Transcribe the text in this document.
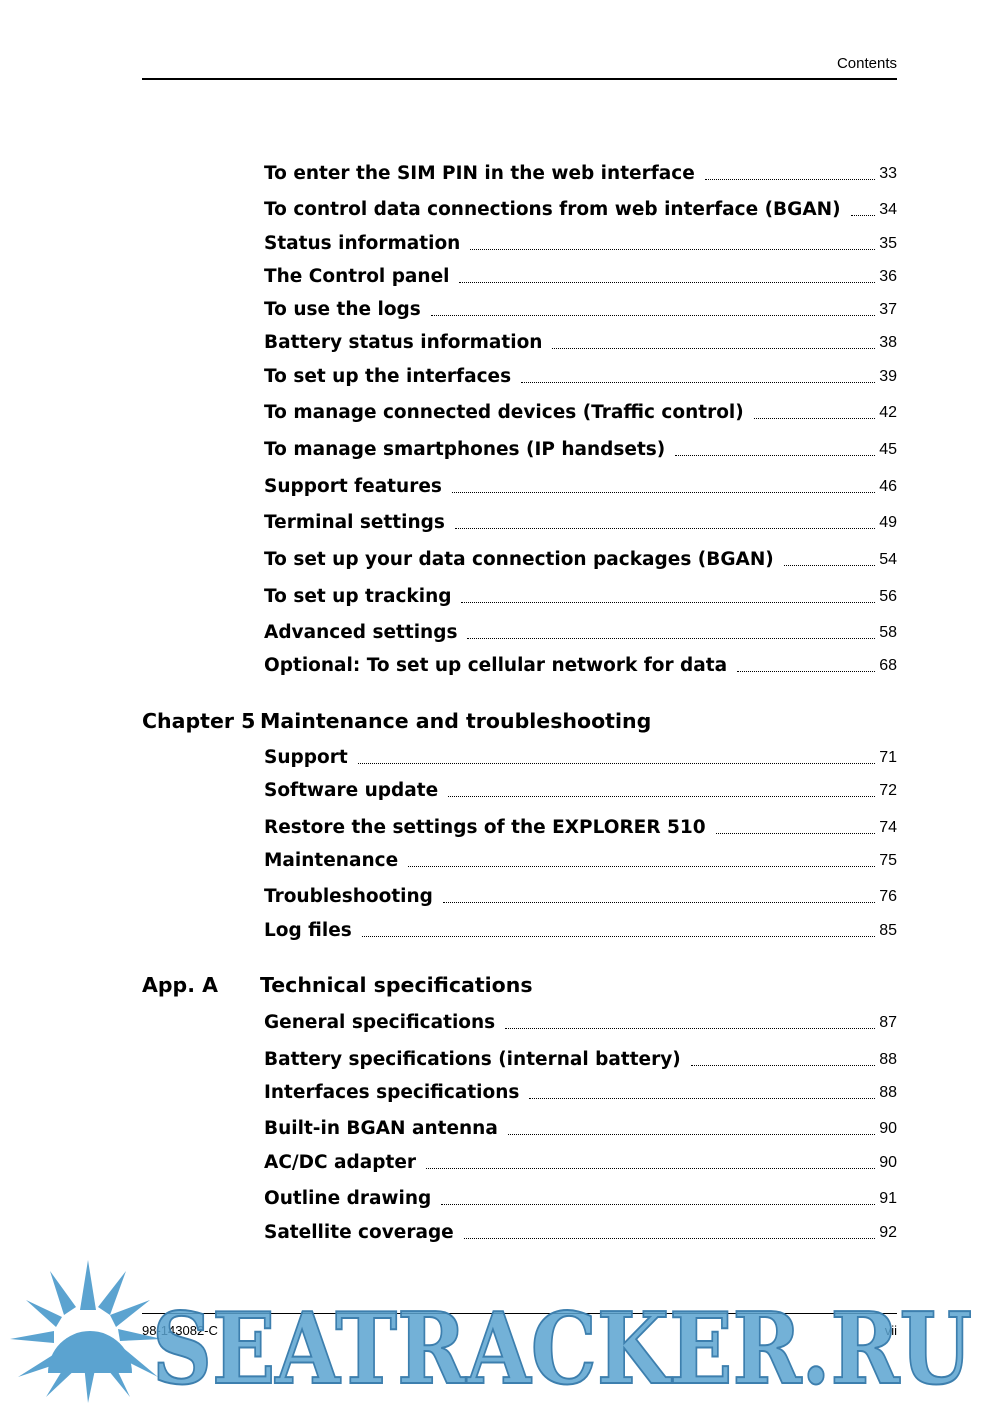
Contents
To enter the SIM PIN in the web interface	33
To control data connections from web interface (BGAN) 34
Status information	35
The Control panel	36
To use the logs	37
Battery status information	38
To set up the interfaces	39
To manage connected devices (Traffic control)	42
To manage smartphones (IP handsets)	45
Support features	46
Terminal settings	49
To set up your data connection packages (BGAN)	54
To set up tracking	56
Advanced settings	58
Optional: To set up cellular network for data	68
Chapter 5 Maintenance and troubleshooting
Support	71
Software update	72
Restore the settings of the EXPLORER 510	74
Maintenance	75
Troubleshooting	76
Log files	85
App. A Technical specifications
General specifications	87
Battery specifications (internal battery)	88
Interfaces specifications	88
Built-in BGAN antenna	90
AC/DC adapter	90
Outline drawing	91
Satellite coverage	92
98-143082-C	vii
SEATRACKER.RU
